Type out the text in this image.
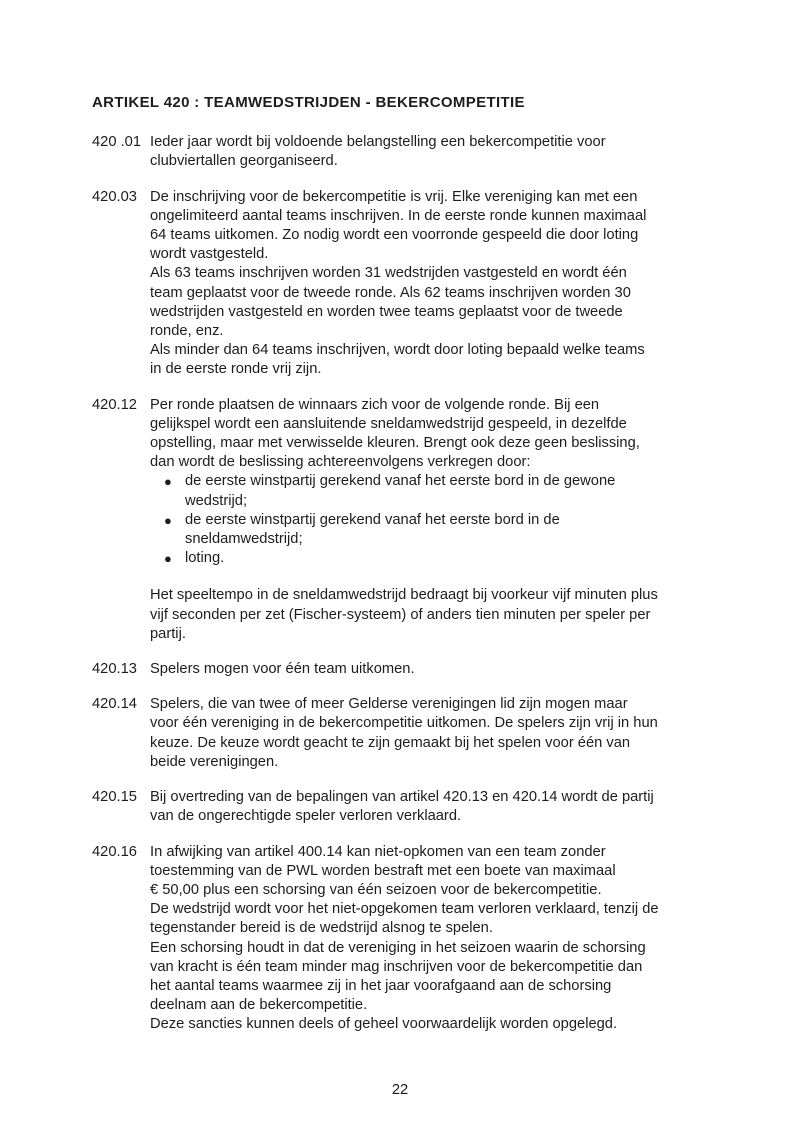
ARTIKEL 420 : TEAMWEDSTRIJDEN - BEKERCOMPETITIE
420 .01 Ieder jaar wordt bij voldoende belangstelling een bekercompetitie voor
clubviertallen georganiseerd.
420.03 De inschrijving voor de bekercompetitie is vrij. Elke vereniging kan met een
ongelimiteerd aantal teams inschrijven. In de eerste ronde kunnen maximaal
64 teams uitkomen. Zo nodig wordt een voorronde gespeeld die door loting
wordt vastgesteld.
Als 63 teams inschrijven worden 31 wedstrijden vastgesteld en wordt één
team geplaatst voor de tweede ronde. Als 62 teams inschrijven worden 30
wedstrijden vastgesteld en worden twee teams geplaatst voor de tweede
ronde, enz.
Als minder dan 64 teams inschrijven, wordt door loting bepaald welke teams
in de eerste ronde vrij zijn.
420.12 Per ronde plaatsen de winnaars zich voor de volgende ronde. Bij een
gelijkspel wordt een aansluitende sneldamwedstrijd gespeeld, in dezelfde
opstelling, maar met verwisselde kleuren. Brengt ook deze geen beslissing,
dan wordt de beslissing achtereenvolgens verkregen door:
● de eerste winstpartij gerekend vanaf het eerste bord in de gewone
wedstrijd;
● de eerste winstpartij gerekend vanaf het eerste bord in de
sneldamwedstrijd;
● loting.
Het speeltempo in de sneldamwedstrijd bedraagt bij voorkeur vijf minuten plus
vijf seconden per zet (Fischer-systeem) of anders tien minuten per speler per
partij.
420.13 Spelers mogen voor één team uitkomen.
420.14 Spelers, die van twee of meer Gelderse verenigingen lid zijn mogen maar
voor één vereniging in de bekercompetitie uitkomen. De spelers zijn vrij in hun
keuze. De keuze wordt geacht te zijn gemaakt bij het spelen voor één van
beide verenigingen.
420.15 Bij overtreding van de bepalingen van artikel 420.13 en 420.14 wordt de partij
van de ongerechtigde speler verloren verklaard.
420.16 In afwijking van artikel 400.14 kan niet-opkomen van een team zonder
toestemming van de PWL worden bestraft met een boete van maximaal
€ 50,00 plus een schorsing van één seizoen voor de bekercompetitie.
De wedstrijd wordt voor het niet-opgekomen team verloren verklaard, tenzij de
tegenstander bereid is de wedstrijd alsnog te spelen.
Een schorsing houdt in dat de vereniging in het seizoen waarin de schorsing
van kracht is één team minder mag inschrijven voor de bekercompetitie dan
het aantal teams waarmee zij in het jaar voorafgaand aan de schorsing
deelnam aan de bekercompetitie.
Deze sancties kunnen deels of geheel voorwaardelijk worden opgelegd.
22
